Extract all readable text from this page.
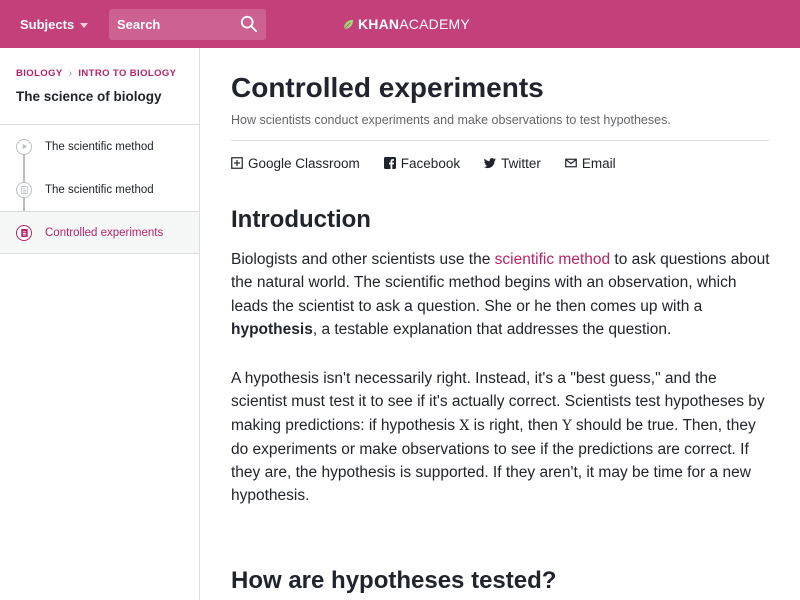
Subjects
Search	KHANACADEMY
BIOLOGY › INTRO TO BIOLOGY
The science of biology
The scientific method
The scientific method
Controlled experiments
Controlled experiments
How scientists conduct experiments and make observations to test hypotheses.
Google Classroom	Facebook	Twitter	Email
Introduction

Biologists and other scientists use the scientific method to ask questions about the natural world. The scientific method begins with an observation, which leads the scientist to ask a question. She or he then comes up with a hypothesis, a testable explanation that addresses the question.

A hypothesis isn't necessarily right. Instead, it's a "best guess," and the scientist must test it to see if it's actually correct. Scientists test hypotheses by making predictions: if hypothesis X is right, then Y should be true. Then, they do experiments or make observations to see if the predictions are correct. If they are, the hypothesis is supported. If they aren't, it may be time for a new hypothesis.

How are hypotheses tested?
